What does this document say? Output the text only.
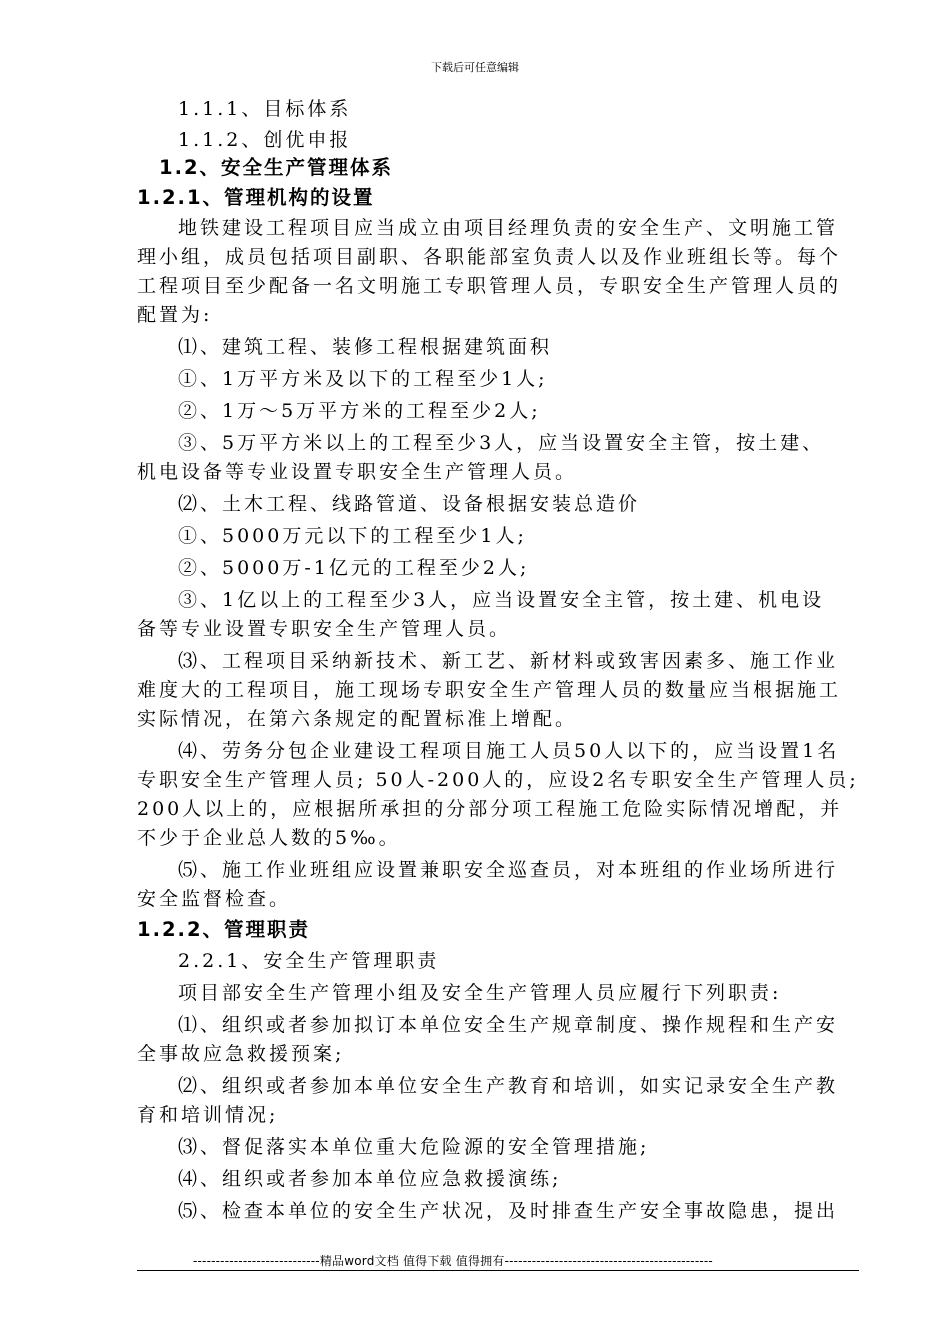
下载后可任意编辑
1.1.1、目标体系
1.1.2、创优申报
1.2、安全生产管理体系
1.2.1、管理机构的设置
地铁建设工程项目应当成立由项目经理负责的安全生产、文明施工管
理小组，成员包括项目副职、各职能部室负责人以及作业班组长等。每个
工程项目至少配备一名文明施工专职管理人员，专职安全生产管理人员的
配置为:
⑴、建筑工程、装修工程根据建筑面积
①、1万平方米及以下的工程至少1人;
②、1万～5万平方米的工程至少2人;
③、5万平方米以上的工程至少3人，应当设置安全主管，按土建、
机电设备等专业设置专职安全生产管理人员。
⑵、土木工程、线路管道、设备根据安装总造价
①、5000万元以下的工程至少1人;
②、5000万-1亿元的工程至少2人;
③、1亿以上的工程至少3人，应当设置安全主管，按土建、机电设
备等专业设置专职安全生产管理人员。
⑶、工程项目采纳新技术、新工艺、新材料或致害因素多、施工作业
难度大的工程项目，施工现场专职安全生产管理人员的数量应当根据施工
实际情况，在第六条规定的配置标准上增配。
⑷、劳务分包企业建设工程项目施工人员50人以下的，应当设置1名
专职安全生产管理人员; 50人-200人的，应设2名专职安全生产管理人员;
200人以上的，应根据所承担的分部分项工程施工危险实际情况增配，并
不少于企业总人数的5‰。
⑸、施工作业班组应设置兼职安全巡查员，对本班组的作业场所进行
安全监督检查。
1.2.2、管理职责
2.2.1、安全生产管理职责
项目部安全生产管理小组及安全生产管理人员应履行下列职责:
⑴、组织或者参加拟订本单位安全生产规章制度、操作规程和生产安
全事故应急救援预案;
⑵、组织或者参加本单位安全生产教育和培训，如实记录安全生产教
育和培训情况;
⑶、督促落实本单位重大危险源的安全管理措施;
⑷、组织或者参加本单位应急救援演练;
⑸、检查本单位的安全生产状况，及时排查生产安全事故隐患，提出
----------------------------精品word文档 值得下载 值得拥有----------------------------------------------
